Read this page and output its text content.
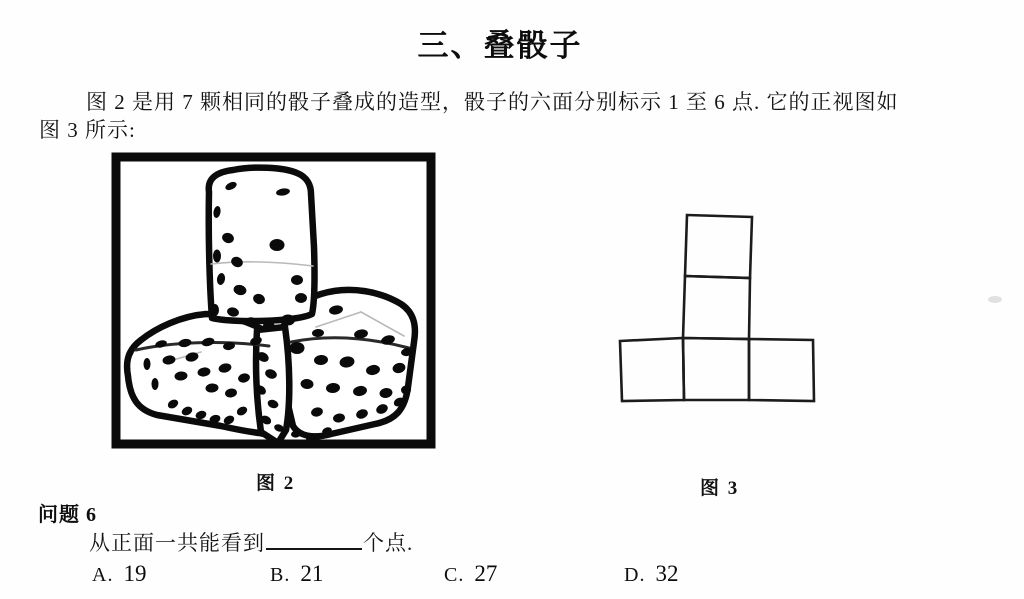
三、叠骰子
图 2 是用 7 颗相同的骰子叠成的造型，骰子的六面分别标示 1 至 6 点. 它的正视图如
图 3 所示:
图 2	图 3
问题 6
从正面一共能看到	个点.
A. 19	B. 21	C. 27	D. 32
